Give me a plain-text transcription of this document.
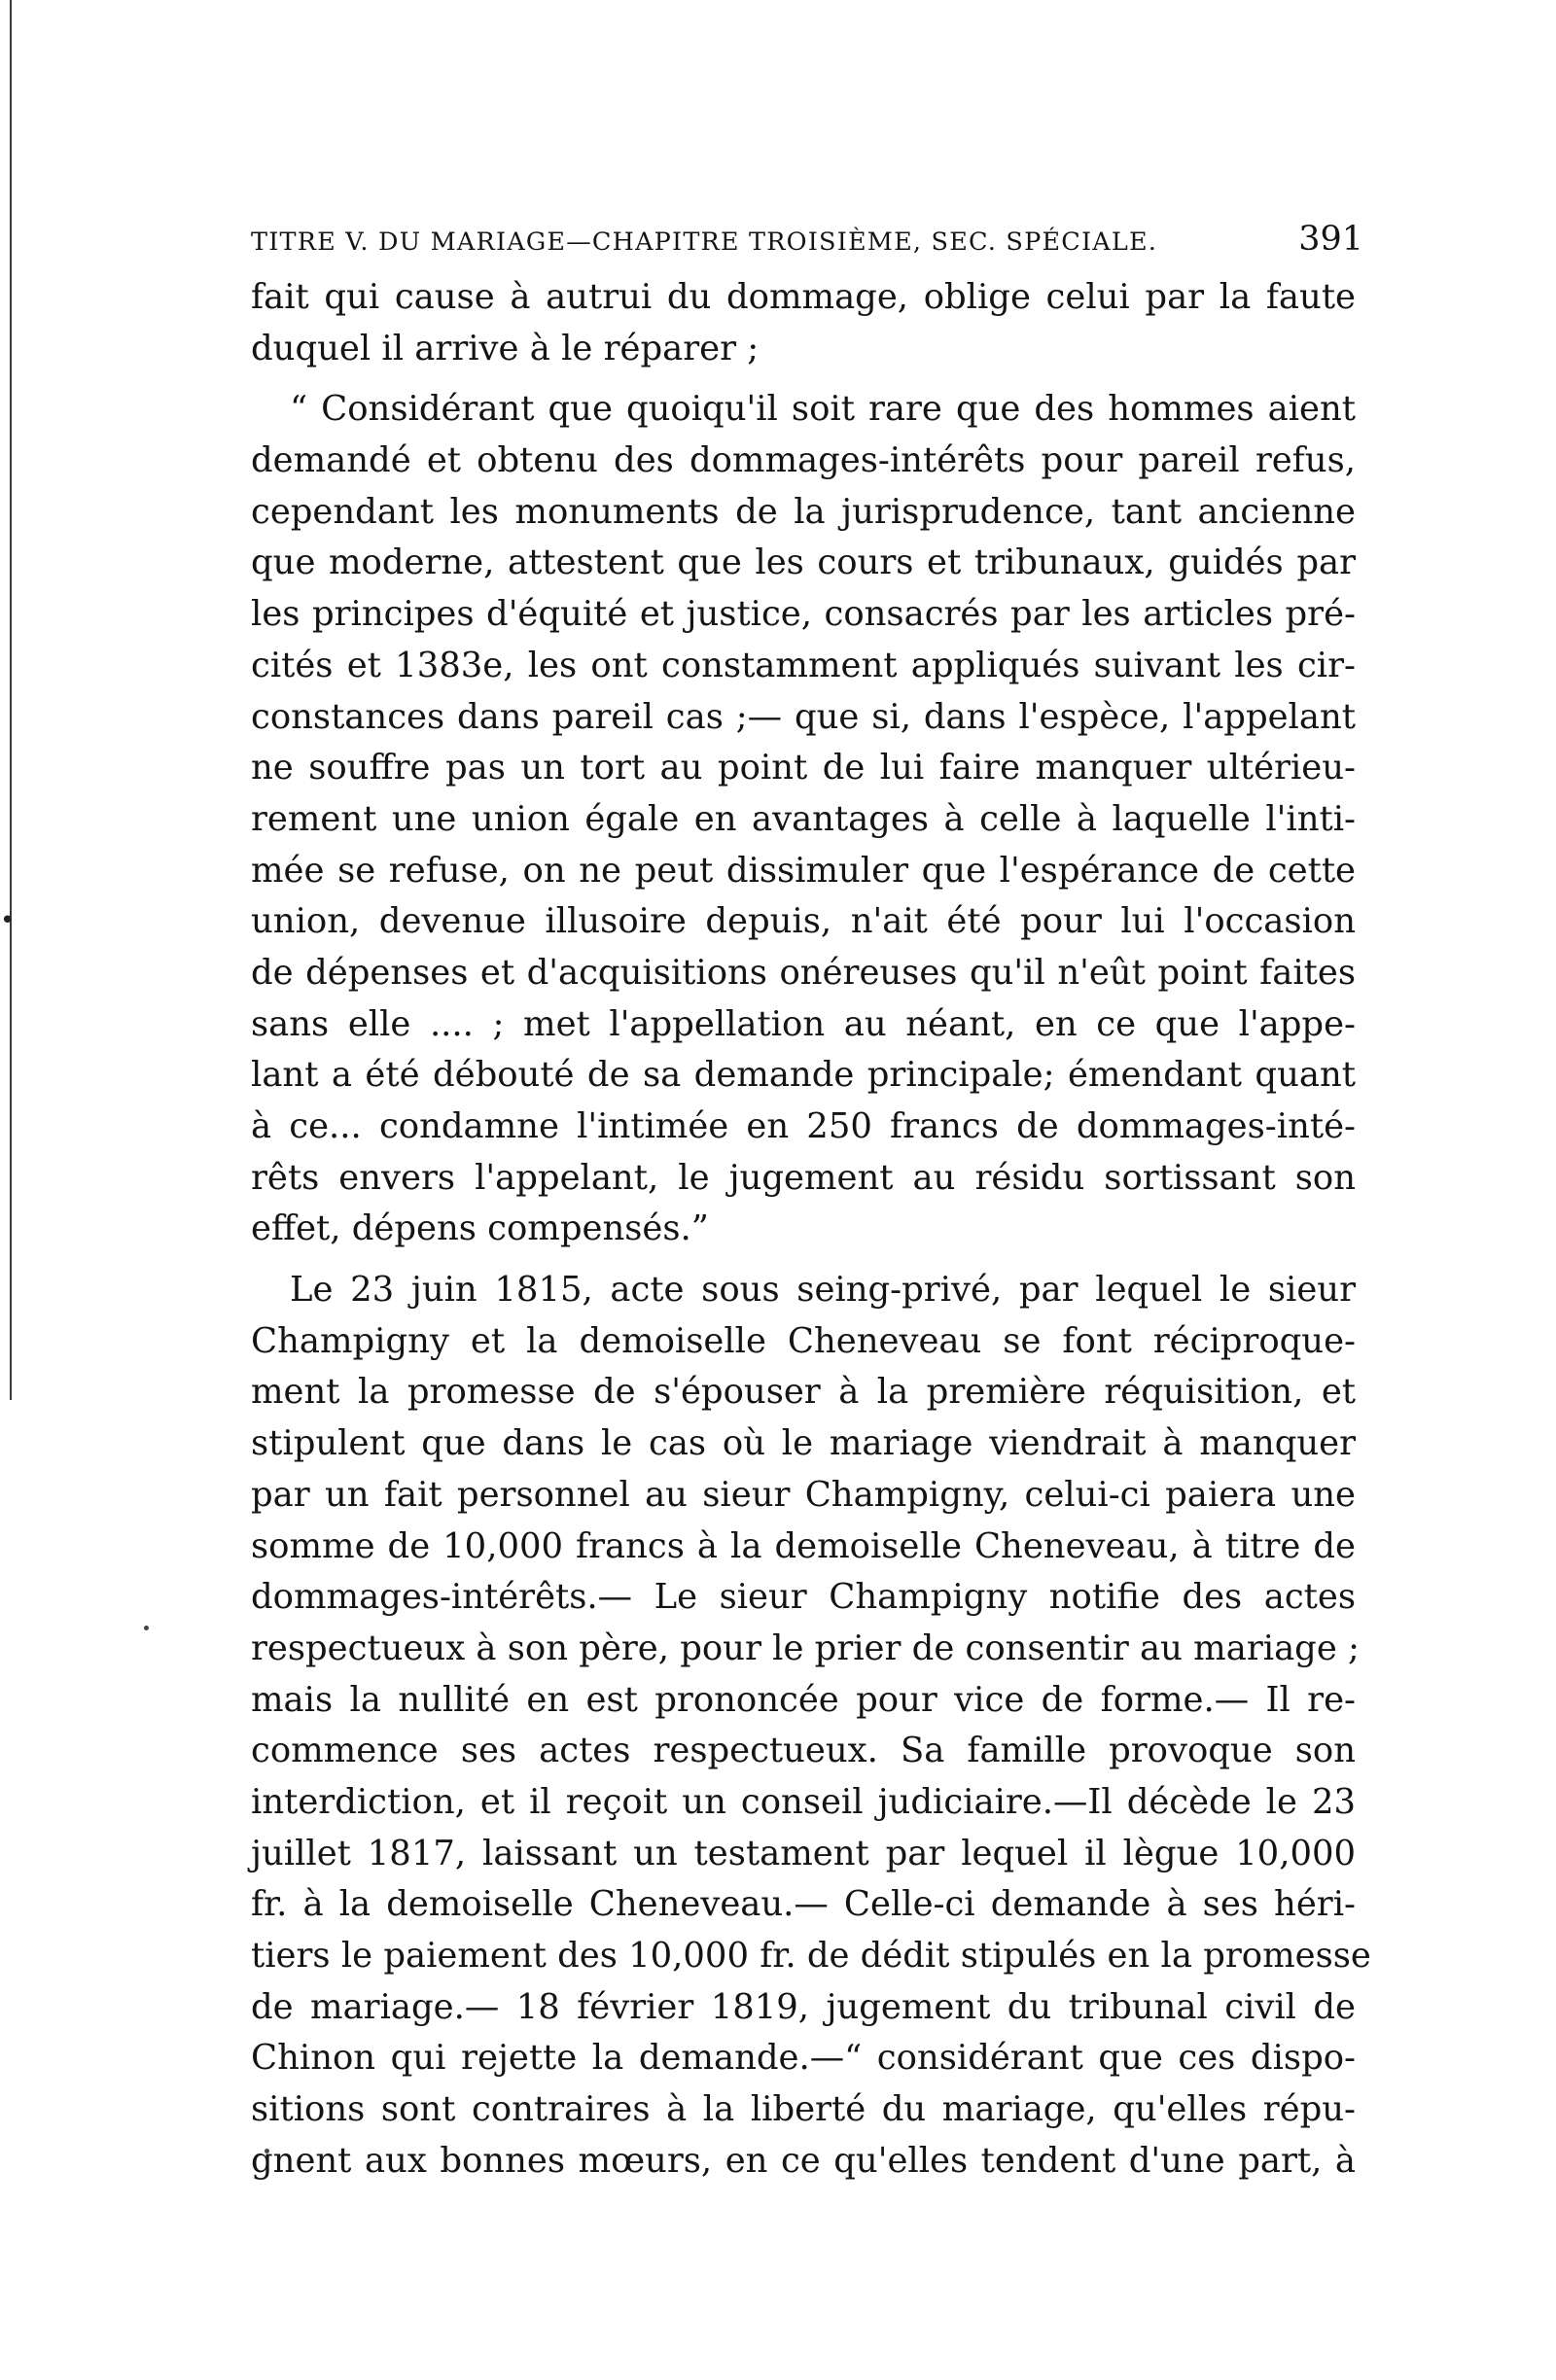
•
TITRE V. DU MARIAGE—CHAPITRE TROISIÈME, SEC. SPÉCIALE.	391
fait qui cause à autrui du dommage, oblige celui par la faute
duquel il arrive à le réparer ;
“ Considérant que quoiqu'il soit rare que des hommes aient
demandé et obtenu des dommages-intérêts pour pareil refus,
cependant les monuments de la jurisprudence, tant ancienne
que moderne, attestent que les cours et tribunaux, guidés par
les principes d'équité et justice, consacrés par les articles pré-
cités et 1383e, les ont constamment appliqués suivant les cir-
constances dans pareil cas ;— que si, dans l'espèce, l'appelant
ne souffre pas un tort au point de lui faire manquer ultérieu-
rement une union égale en avantages à celle à laquelle l'inti-
mée se refuse, on ne peut dissimuler que l'espérance de cette
union, devenue illusoire depuis, n'ait été pour lui l'occasion
de dépenses et d'acquisitions onéreuses qu'il n'eût point faites
sans elle .... ; met l'appellation au néant, en ce que l'appe-
lant a été débouté de sa demande principale; émendant quant
à ce... condamne l'intimée en 250 francs de dommages-inté-
rêts envers l'appelant, le jugement au résidu sortissant son
effet, dépens compensés.”
Le 23 juin 1815, acte sous seing-privé, par lequel le sieur
Champigny et la demoiselle Cheneveau se font réciproque-
ment la promesse de s'épouser à la première réquisition, et
stipulent que dans le cas où le mariage viendrait à manquer
par un fait personnel au sieur Champigny, celui-ci paiera une
somme de 10,000 francs à la demoiselle Cheneveau, à titre de
dommages-intérêts.— Le sieur Champigny notifie des actes
respectueux à son père, pour le prier de consentir au mariage ;
mais la nullité en est prononcée pour vice de forme.— Il re-
commence ses actes respectueux. Sa famille provoque son
interdiction, et il reçoit un conseil judiciaire.—Il décède le 23
juillet 1817, laissant un testament par lequel il lègue 10,000
fr. à la demoiselle Cheneveau.— Celle-ci demande à ses héri-
tiers le paiement des 10,000 fr. de dédit stipulés en la promesse
de mariage.— 18 février 1819, jugement du tribunal civil de
Chinon qui rejette la demande.—“ considérant que ces dispo-
sitions sont contraires à la liberté du mariage, qu'elles répu-
gnent aux bonnes mœurs, en ce qu'elles tendent d'une part, à
